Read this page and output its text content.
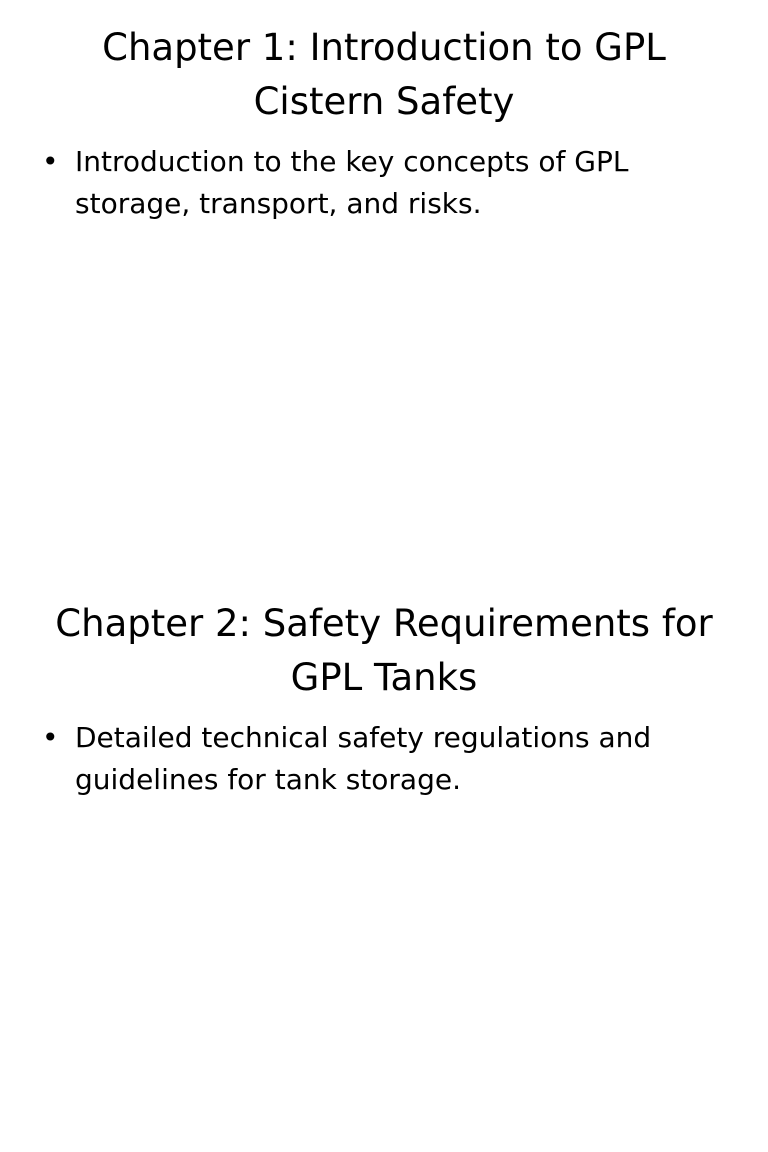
Chapter 1: Introduction to GPL Cistern Safety
• Introduction to the key concepts of GPL storage, transport, and risks.
Chapter 2: Safety Requirements for GPL Tanks
• Detailed technical safety regulations and guidelines for tank storage.
